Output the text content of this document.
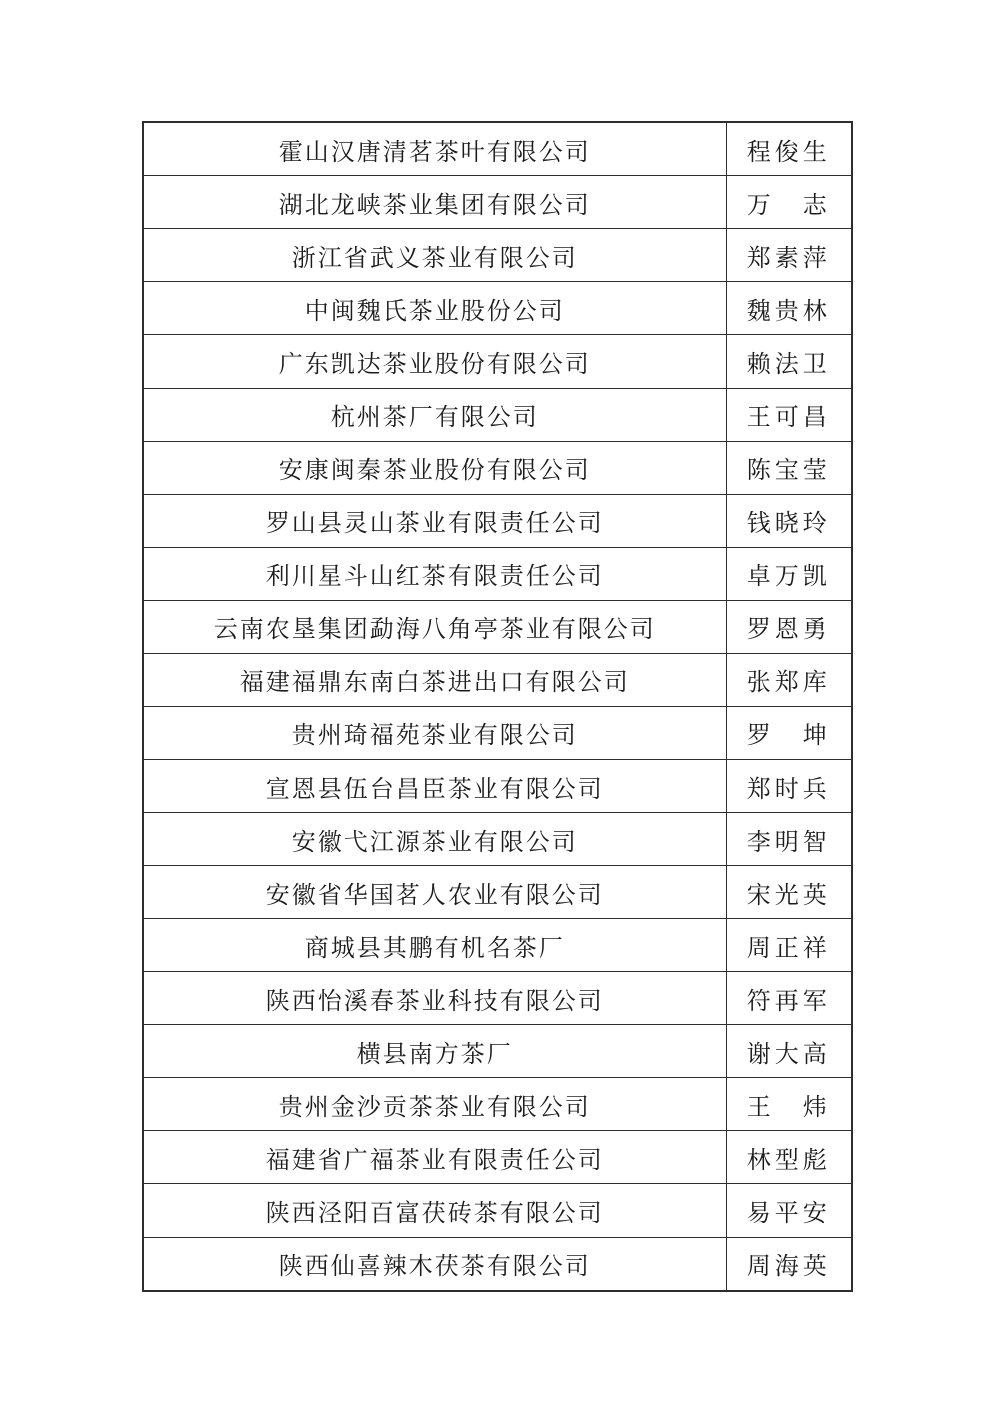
霍山汉唐清茗茶叶有限公司	程俊生
湖北龙峡茶业集团有限公司	万　志
浙江省武义茶业有限公司	郑素萍
中闽魏氏茶业股份公司	魏贵林
广东凯达茶业股份有限公司	赖法卫
杭州茶厂有限公司	王可昌
安康闽秦茶业股份有限公司	陈宝莹
罗山县灵山茶业有限责任公司	钱晓玲
利川星斗山红茶有限责任公司	卓万凯
云南农垦集团勐海八角亭茶业有限公司	罗恩勇
福建福鼎东南白茶进出口有限公司	张郑库
贵州琦福苑茶业有限公司	罗　坤
宣恩县伍台昌臣茶业有限公司	郑时兵
安徽弋江源茶业有限公司	李明智
安徽省华国茗人农业有限公司	宋光英
商城县其鹏有机名茶厂	周正祥
陕西怡溪春茶业科技有限公司	符再军
横县南方茶厂	谢大高
贵州金沙贡茶茶业有限公司	王　炜
福建省广福茶业有限责任公司	林型彪
陕西泾阳百富茯砖茶有限公司	易平安
陕西仙喜辣木茯茶有限公司	周海英
